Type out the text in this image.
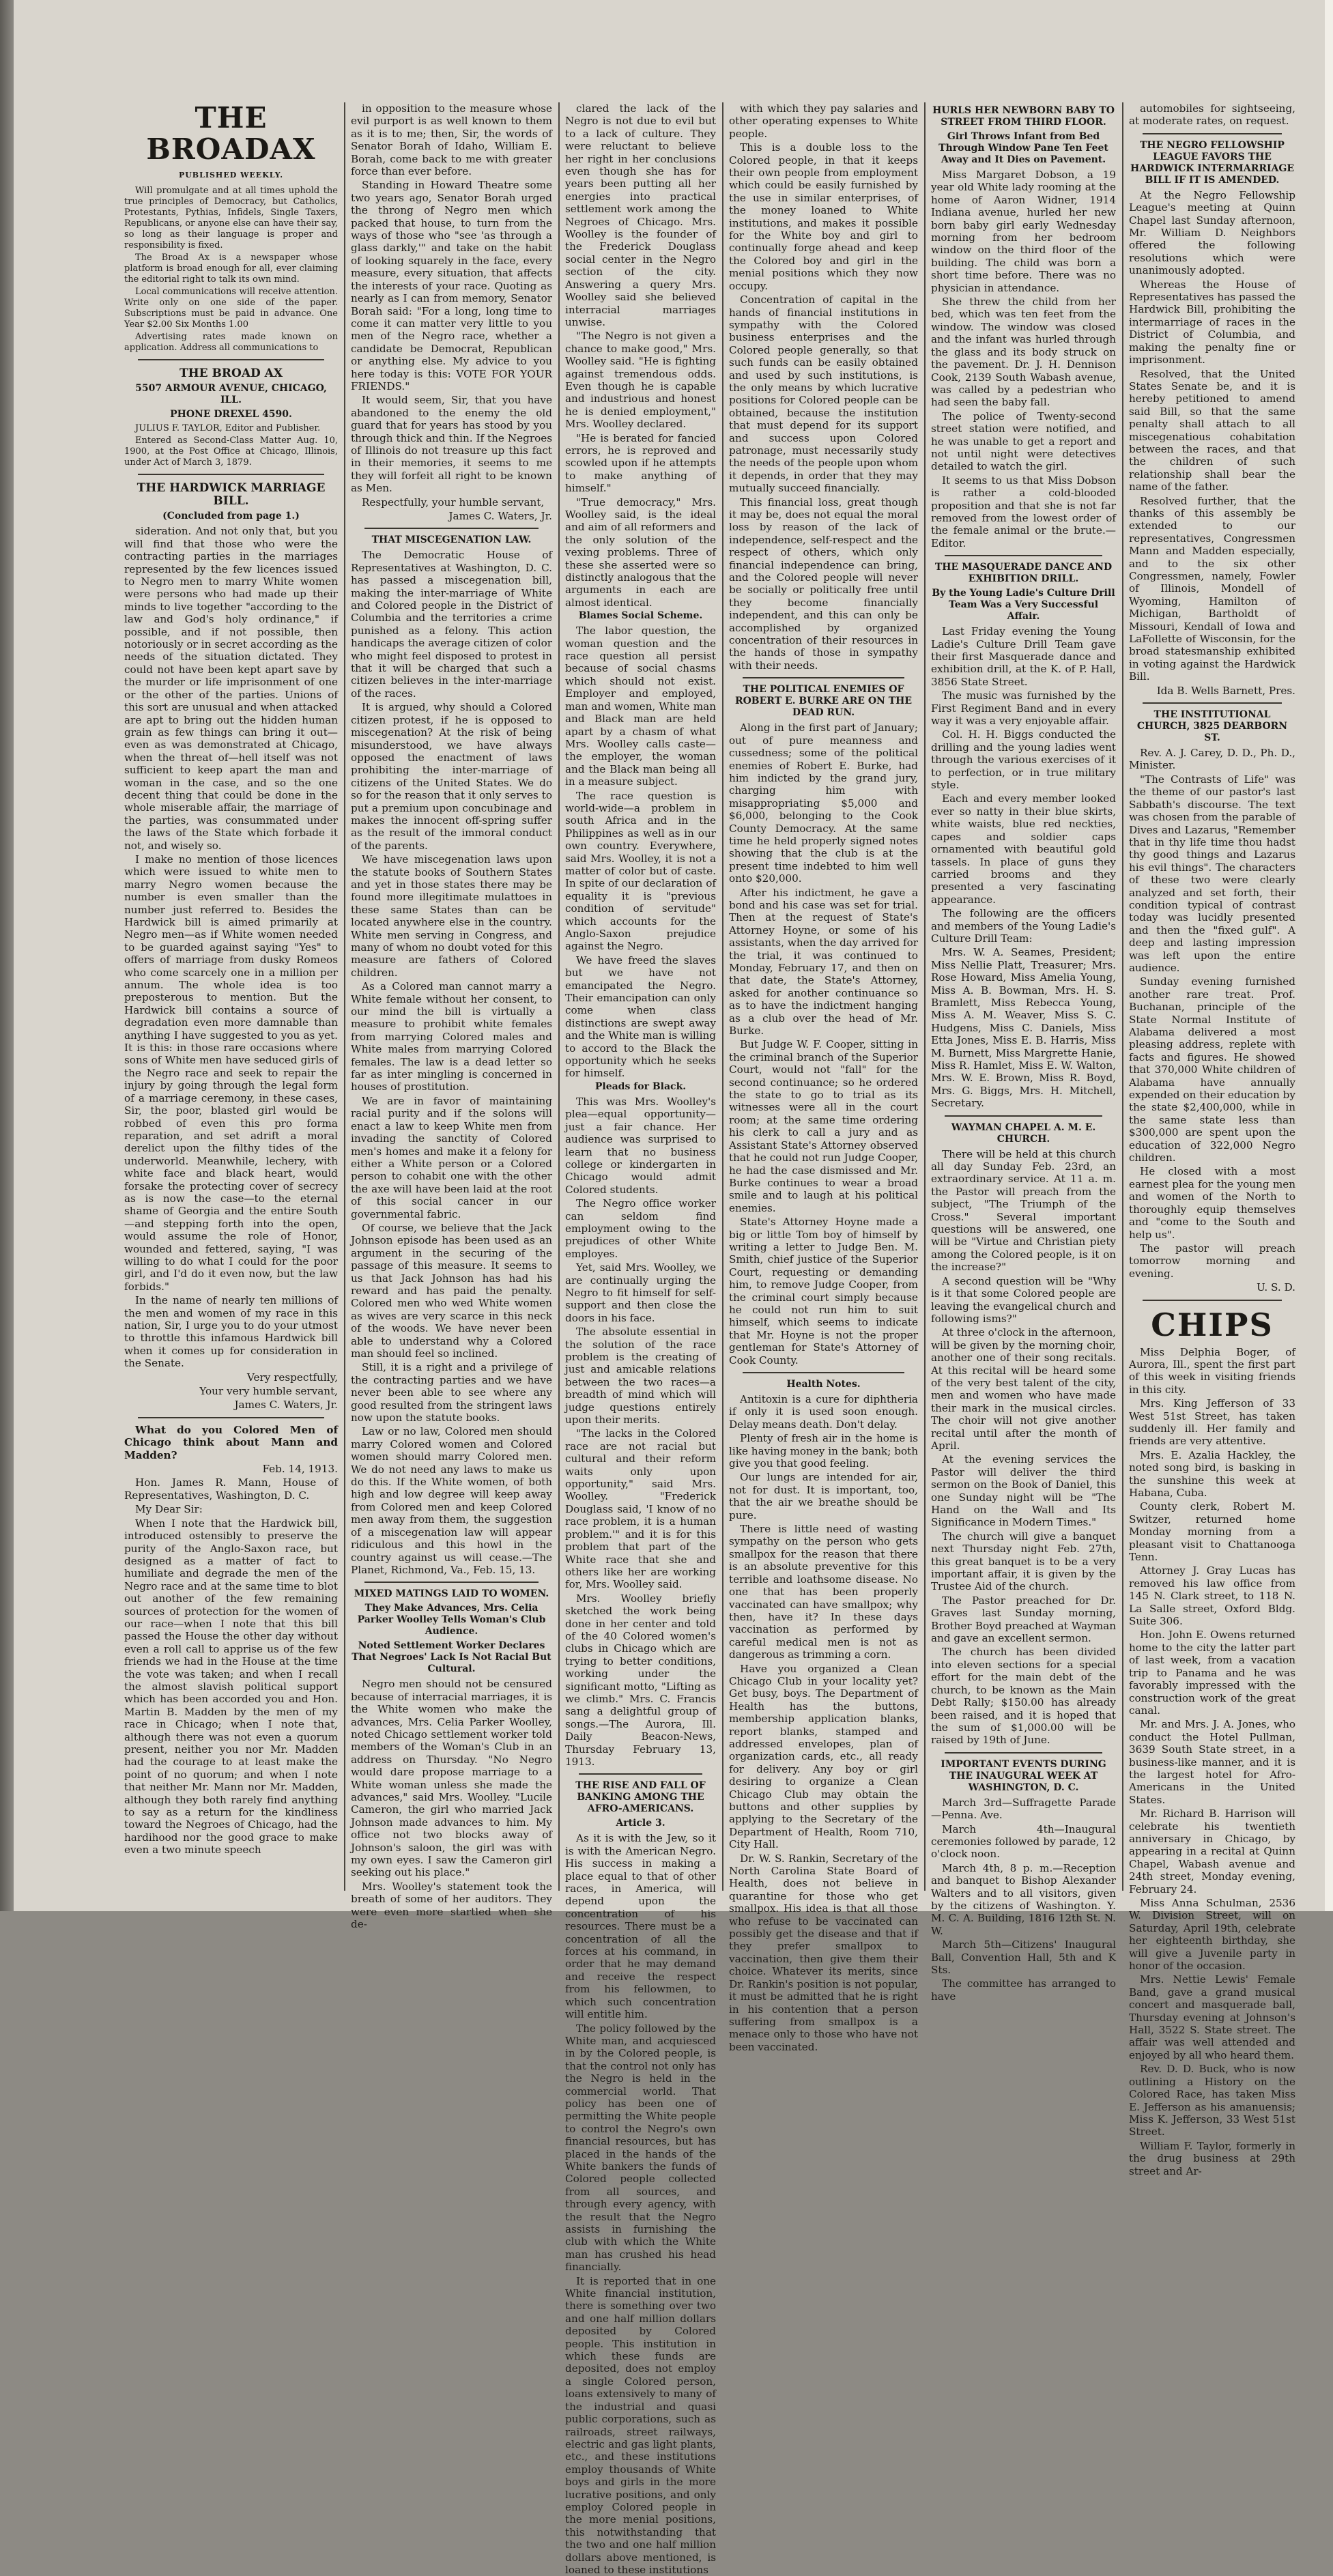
THE BROADAX
PUBLISHED WEEKLY.

Will promulgate and at all times uphold the true principles of Democracy, but Catholics, Protestants, Pythias, Infidels, Single Taxers, Republicans, or anyone else can have their say, so long as their language is proper and responsibility is fixed.

The Broad Ax is a newspaper whose platform is broad enough for all, ever claiming the editorial right to talk its own mind.

Local communications will receive attention. Write only on one side of the paper. Subscriptions must be paid in advance. One Year $2.00 Six Months 1.00

Advertising rates made known on application. Address all communications to

THE BROAD AX
5507 ARMOUR AVENUE, CHICAGO, ILL.
PHONE DREXEL 4590.

JULIUS F. TAYLOR, Editor and Publisher.

Entered as Second-Class Matter Aug. 10, 1900, at the Post Office at Chicago, Illinois, under Act of March 3, 1879.

THE HARDWICK MARRIAGE BILL.
(Concluded from page 1.)

sideration. And not only that, but you will find that those who were the contracting parties in the marriages represented by the few licences issued to Negro men to marry White women were persons who had made up their minds to live together "according to the law and God's holy ordinance," if possible, and if not possible, then notoriously or in secret according as the needs of the situation dictated. They could not have been kept apart save by the murder or life imprisonment of one or the other of the parties. Unions of this sort are unusual and when attacked are apt to bring out the hidden human grain as few things can bring it out—even as was demonstrated at Chicago, when the threat of—hell itself was not sufficient to keep apart the man and woman in the case, and so the one decent thing that could be done in the whole miserable affair, the marriage of the parties, was consummated under the laws of the State which forbade it not, and wisely so.

I make no mention of those licences which were issued to white men to marry Negro women because the number is even smaller than the number just referred to. Besides the Hardwick bill is aimed primarily at Negro men—as if White women needed to be guarded against saying "Yes" to offers of marriage from dusky Romeos who come scarcely one in a million per annum. The whole idea is too preposterous to mention. But the Hardwick bill contains a source of degradation even more damnable than anything I have suggested to you as yet. It is this: in those rare occasions where sons of White men have seduced girls of the Negro race and seek to repair the injury by going through the legal form of a marriage ceremony, in these cases, Sir, the poor, blasted girl would be robbed of even this pro forma reparation, and set adrift a moral derelict upon the filthy tides of the underworld. Meanwhile, lechery, with white face and black heart, would forsake the protecting cover of secrecy as is now the case—to the eternal shame of Georgia and the entire South—and stepping forth into the open, would assume the role of Honor, wounded and fettered, saying, "I was willing to do what I could for the poor girl, and I'd do it even now, but the law forbids."

In the name of nearly ten millions of the men and women of my race in this nation, Sir, I urge you to do your utmost to throttle this infamous Hardwick bill when it comes up for consideration in the Senate.

Very respectfully,

Your very humble servant,

James C. Waters, Jr.

What do you Colored Men of Chicago think about Mann and Madden?

Feb. 14, 1913.

Hon. James R. Mann, House of Representatives, Washington, D. C.

My Dear Sir:

When I note that the Hardwick bill, introduced ostensibly to preserve the purity of the Anglo-Saxon race, but designed as a matter of fact to humiliate and degrade the men of the Negro race and at the same time to blot out another of the few remaining sources of protection for the women of our race—when I note that this bill passed the House the other day without even a roll call to apprise us of the few friends we had in the House at the time the vote was taken; and when I recall the almost slavish political support which has been accorded you and Hon. Martin B. Madden by the men of my race in Chicago; when I note that, although there was not even a quorum present, neither you nor Mr. Madden had the courage to at least make the point of no quorum; and when I note that neither Mr. Mann nor Mr. Madden, although they both rarely find anything to say as a return for the kindliness toward the Negroes of Chicago, had the hardihood nor the good grace to make even a two minute speech

in opposition to the measure whose evil purport is as well known to them as it is to me; then, Sir, the words of Senator Borah of Idaho, William E. Borah, come back to me with greater force than ever before.

Standing in Howard Theatre some two years ago, Senator Borah urged the throng of Negro men which packed that house, to turn from the ways of those who "see 'as through a glass darkly,'" and take on the habit of looking squarely in the face, every measure, every situation, that affects the interests of your race. Quoting as nearly as I can from memory, Senator Borah said: "For a long, long time to come it can matter very little to you men of the Negro race, whether a candidate be Democrat, Republican or anything else. My advice to you here today is this: VOTE FOR YOUR FRIENDS."

It would seem, Sir, that you have abandoned to the enemy the old guard that for years has stood by you through thick and thin. If the Negroes of Illinois do not treasure up this fact in their memories, it seems to me they will forfeit all right to be known as Men.

Respectfully, your humble servant,

James C. Waters, Jr.

THAT MISCEGENATION LAW.

The Democratic House of Representatives at Washington, D. C. has passed a miscegenation bill, making the inter-marriage of White and Colored people in the District of Columbia and the territories a crime punished as a felony. This action handicaps the average citizen of color who might feel disposed to protest in that it will be charged that such a citizen believes in the inter-marriage of the races.

It is argued, why should a Colored citizen protest, if he is opposed to miscegenation? At the risk of being misunderstood, we have always opposed the enactment of laws prohibiting the inter-marriage of citizens of the United States. We do so for the reason that it only serves to put a premium upon concubinage and makes the innocent off-spring suffer as the result of the immoral conduct of the parents.

We have miscegenation laws upon the statute books of Southern States and yet in those states there may be found more illegitimate mulattoes in these same States than can be located anywhere else in the country. White men serving in Congress, and many of whom no doubt voted for this measure are fathers of Colored children.

As a Colored man cannot marry a White female without her consent, to our mind the bill is virtually a measure to prohibit white females from marrying Colored males and White males from marrying Colored females. The law is a dead letter so far as inter mingling is concerned in houses of prostitution.

We are in favor of maintaining racial purity and if the solons will enact a law to keep White men from invading the sanctity of Colored men's homes and make it a felony for either a White person or a Colored person to cohabit one with the other the axe will have been laid at the root of this social cancer in our governmental fabric.

Of course, we believe that the Jack Johnson episode has been used as an argument in the securing of the passage of this measure. It seems to us that Jack Johnson has had his reward and has paid the penalty. Colored men who wed White women as wives are very scarce in this neck of the woods. We have never been able to understand why a Colored man should feel so inclined.

Still, it is a right and a privilege of the contracting parties and we have never been able to see where any good resulted from the stringent laws now upon the statute books.

Law or no law, Colored men should marry Colored women and Colored women should marry Colored men. We do not need any laws to make us do this. If the White women, of both high and low degree will keep away from Colored men and keep Colored men away from them, the suggestion of a miscegenation law will appear ridiculous and this howl in the country against us will cease.—The Planet, Richmond, Va., Feb. 15, 13.

MIXED MATINGS LAID TO WOMEN.
They Make Advances, Mrs. Celia Parker Woolley Tells Woman's Club Audience.
Noted Settlement Worker Declares That Negroes' Lack Is Not Racial But Cultural.

Negro men should not be censured because of interracial marriages, it is the White women who make the advances, Mrs. Celia Parker Woolley, noted Chicago settlement worker told members of the Woman's Club in an address on Thursday. "No Negro would dare propose marriage to a White woman unless she made the advances," said Mrs. Woolley. "Lucile Cameron, the girl who married Jack Johnson made advances to him. My office not two blocks away of Johnson's saloon, the girl was with my own eyes. I saw the Cameron girl seeking out his place."

Mrs. Woolley's statement took the breath of some of her auditors. They were even more startled when she de-

clared the lack of the Negro is not due to evil but to a lack of culture. They were reluctant to believe her right in her conclusions even though she has for years been putting all her energies into practical settlement work among the Negroes of Chicago. Mrs. Woolley is the founder of the Frederick Douglass social center in the Negro section of the city. Answering a query Mrs. Woolley said she believed interracial marriages unwise.

"The Negro is not given a chance to make good," Mrs. Woolley said. "He is fighting against tremendous odds. Even though he is capable and industrious and honest he is denied employment," Mrs. Woolley declared.

"He is berated for fancied errors, he is reproved and scowled upon if he attempts to make anything of himself."

"True democracy," Mrs. Woolley said, is the ideal and aim of all reformers and the only solution of the vexing problems. Three of these she asserted were so distinctly analogous that the arguments in each are almost identical.

Blames Social Scheme.

The labor question, the woman question and the race question all persist because of social chasms which should not exist. Employer and employed, man and women, White man and Black man are held apart by a chasm of what Mrs. Woolley calls caste—the employer, the woman and the Black man being all in a measure subject.

The race question is world-wide—a problem in south Africa and in the Philippines as well as in our own country. Everywhere, said Mrs. Woolley, it is not a matter of color but of caste. In spite of our declaration of equality it is "previous condition of servitude" which accounts for the Anglo-Saxon prejudice against the Negro.

We have freed the slaves but we have not emancipated the Negro. Their emancipation can only come when class distinctions are swept away and the White man is willing to accord to the Black the opportunity which he seeks for himself.

Pleads for Black.

This was Mrs. Woolley's plea—equal opportunity—just a fair chance. Her audience was surprised to learn that no business college or kindergarten in Chicago would admit Colored students.

The Negro office worker can seldom find employment owing to the prejudices of other White employes.

Yet, said Mrs. Woolley, we are continually urging the Negro to fit himself for self-support and then close the doors in his face.

The absolute essential in the solution of the race problem is the creating of just and amicable relations between the two races—a breadth of mind which will judge questions entirely upon their merits.

"The lacks in the Colored race are not racial but cultural and their reform waits only upon opportunity," said Mrs. Woolley. "Frederick Douglass said, 'I know of no race problem, it is a human problem.'" and it is for this problem that part of the White race that she and others like her are working for, Mrs. Woolley said.

Mrs. Woolley briefly sketched the work being done in her center and told of the 40 Colored women's clubs in Chicago which are trying to better conditions, working under the significant motto, "Lifting as we climb." Mrs. C. Francis sang a delightful group of songs.—The Aurora, Ill. Daily Beacon-News, Thursday February 13, 1913.

THE RISE AND FALL OF BANKING AMONG THE AFRO-AMERICANS.
Article 3.

As it is with the Jew, so it is with the American Negro. His success in making a place equal to that of other races, in America, will depend upon the concentration of his resources. There must be a concentration of all the forces at his command, in order that he may demand and receive the respect from his fellowmen, to which such concentration will entitle him.

The policy followed by the White man, and acquiesced in by the Colored people, is that the control not only has the Negro is held in the commercial world. That policy has been one of permitting the White people to control the Negro's own financial resources, but has placed in the hands of the White bankers the funds of Colored people collected from all sources, and through every agency, with the result that the Negro assists in furnishing the club with which the White man has crushed his head financially.

It is reported that in one White financial institution, there is something over two and one half million dollars deposited by Colored people. This institution in which these funds are deposited, does not employ a single Colored person, loans extensively to many of the industrial and quasi public corporations, such as railroads, street railways, electric and gas light plants, etc., and these institutions employ thousands of White boys and girls in the more lucrative positions, and only employ Colored people in the more menial positions, this notwithstanding that the two and one half million dollars above mentioned, is loaned to these institutions

with which they pay salaries and other operating expenses to White people.

This is a double loss to the Colored people, in that it keeps their own people from employment which could be easily furnished by the use in similar enterprises, of the money loaned to White institutions, and makes it possible for the White boy and girl to continually forge ahead and keep the Colored boy and girl in the menial positions which they now occupy.

Concentration of capital in the hands of financial institutions in sympathy with the Colored business enterprises and the Colored people generally, so that such funds can be easily obtained and used by such institutions, is the only means by which lucrative positions for Colored people can be obtained, because the institution that must depend for its support and success upon Colored patronage, must necessarily study the needs of the people upon whom it depends, in order that they may mutually succeed financially.

This financial loss, great though it may be, does not equal the moral loss by reason of the lack of independence, self-respect and the respect of others, which only financial independence can bring, and the Colored people will never be socially or politically free until they become financially independent, and this can only be accomplished by organized concentration of their resources in the hands of those in sympathy with their needs.

THE POLITICAL ENEMIES OF ROBERT E. BURKE ARE ON THE DEAD RUN.

Along in the first part of January; out of pure meanness and cussedness; some of the political enemies of Robert E. Burke, had him indicted by the grand jury, charging him with misappropriating $5,000 and $6,000, belonging to the Cook County Democracy. At the same time he held properly signed notes showing that the club is at the present time indebted to him well onto $20,000.

After his indictment, he gave a bond and his case was set for trial. Then at the request of State's Attorney Hoyne, or some of his assistants, when the day arrived for the trial, it was continued to Monday, February 17, and then on that date, the State's Attorney, asked for another continuance so as to have the indictment hanging as a club over the head of Mr. Burke.

But Judge W. F. Cooper, sitting in the criminal branch of the Superior Court, would not "fall" for the second continuance; so he ordered the state to go to trial as its witnesses were all in the court room; at the same time ordering his clerk to call a jury and as Assistant State's Attorney observed that he could not run Judge Cooper, he had the case dismissed and Mr. Burke continues to wear a broad smile and to laugh at his political enemies.

State's Attorney Hoyne made a big or little Tom boy of himself by writing a letter to Judge Ben. M. Smith, chief justice of the Superior Court, requesting or demanding him, to remove Judge Cooper, from the criminal court simply because he could not run him to suit himself, which seems to indicate that Mr. Hoyne is not the proper gentleman for State's Attorney of Cook County.

Health Notes.

Antitoxin is a cure for diphtheria if only it is used soon enough. Delay means death. Don't delay.

Plenty of fresh air in the home is like having money in the bank; both give you that good feeling.

Our lungs are intended for air, not for dust. It is important, too, that the air we breathe should be pure.

There is little need of wasting sympathy on the person who gets smallpox for the reason that there is an absolute preventive for this terrible and loathsome disease. No one that has been properly vaccinated can have smallpox; why then, have it? In these days vaccination as performed by careful medical men is not as dangerous as trimming a corn.

Have you organized a Clean Chicago Club in your locality yet? Get busy, boys. The Department of Health has the buttons, membership application blanks, report blanks, stamped and addressed envelopes, plan of organization cards, etc., all ready for delivery. Any boy or girl desiring to organize a Clean Chicago Club may obtain the buttons and other supplies by applying to the Secretary of the Department of Health, Room 710, City Hall.

Dr. W. S. Rankin, Secretary of the North Carolina State Board of Health, does not believe in quarantine for those who get smallpox. His idea is that all those who refuse to be vaccinated can possibly get the disease and that if they prefer smallpox to vaccination, then give them their choice. Whatever its merits, since Dr. Rankin's position is not popular, it must be admitted that he is right in his contention that a person suffering from smallpox is a menace only to those who have not been vaccinated.

HURLS HER NEWBORN BABY TO STREET FROM THIRD FLOOR.
Girl Throws Infant from Bed Through Window Pane Ten Feet Away and It Dies on Pavement.

Miss Margaret Dobson, a 19 year old White lady rooming at the home of Aaron Widner, 1914 Indiana avenue, hurled her new born baby girl early Wednesday morning from her bedroom window on the third floor of the building. The child was born a short time before. There was no physician in attendance.

She threw the child from her bed, which was ten feet from the window. The window was closed and the infant was hurled through the glass and its body struck on the pavement. Dr. J. H. Dennison Cook, 2139 South Wabash avenue, was called by a pedestrian who had seen the baby fall.

The police of Twenty-second street station were notified, and he was unable to get a report and not until night were detectives detailed to watch the girl.

It seems to us that Miss Dobson is rather a cold-blooded proposition and that she is not far removed from the lowest order of the female animal or the brute.—Editor.

THE MASQUERADE DANCE AND EXHIBITION DRILL.
By the Young Ladie's Culture Drill Team Was a Very Successful Affair.

Last Friday evening the Young Ladie's Culture Drill Team gave their first Masquerade dance and exhibition drill, at the K. of P. Hall, 3856 State Street.

The music was furnished by the First Regiment Band and in every way it was a very enjoyable affair.

Col. H. H. Biggs conducted the drilling and the young ladies went through the various exercises of it to perfection, or in true military style.

Each and every member looked ever so natty in their blue skirts, white waists, blue red neckties, capes and soldier caps ornamented with beautiful gold tassels. In place of guns they carried brooms and they presented a very fascinating appearance.

The following are the officers and members of the Young Ladie's Culture Drill Team:

Mrs. W. A. Seames, President; Miss Nellie Platt, Treasurer; Mrs. Rose Howard, Miss Amelia Young, Miss A. B. Bowman, Mrs. H. S. Bramlett, Miss Rebecca Young, Miss A. M. Weaver, Miss S. C. Hudgens, Miss C. Daniels, Miss Etta Jones, Miss E. B. Harris, Miss M. Burnett, Miss Margrette Hanie, Miss R. Hamlet, Miss E. W. Walton, Mrs. W. E. Brown, Miss R. Boyd, Mrs. G. Biggs, Mrs. H. Mitchell, Secretary.

WAYMAN CHAPEL A. M. E. CHURCH.

There will be held at this church all day Sunday Feb. 23rd, an extraordinary service. At 11 a. m. the Pastor will preach from the subject, "The Triumph of the Cross." Several important questions will be answered, one will be "Virtue and Christian piety among the Colored people, is it on the increase?"

A second question will be "Why is it that some Colored people are leaving the evangelical church and following isms?"

At three o'clock in the afternoon, will be given by the morning choir, another one of their song recitals. At this recital will be heard some of the very best talent of the city, men and women who have made their mark in the musical circles. The choir will not give another recital until after the month of April.

At the evening services the Pastor will deliver the third sermon on the Book of Daniel, this one Sunday night will be "The Hand on the Wall and Its Significance in Modern Times."

The church will give a banquet next Thursday night Feb. 27th, this great banquet is to be a very important affair, it is given by the Trustee Aid of the church.

The Pastor preached for Dr. Graves last Sunday morning, Brother Boyd preached at Wayman and gave an excellent sermon.

The church has been divided into eleven sections for a special effort for the main debt of the church, to be known as the Main Debt Rally; $150.00 has already been raised, and it is hoped that the sum of $1,000.00 will be raised by 19th of June.

IMPORTANT EVENTS DURING THE INAUGURAL WEEK AT WASHINGTON, D. C.

March 3rd—Suffragette Parade—Penna. Ave.

March 4th—Inaugural ceremonies followed by parade, 12 o'clock noon.

March 4th, 8 p. m.—Reception and banquet to Bishop Alexander Walters and to all visitors, given by the citizens of Washington. Y. M. C. A. Building, 1816 12th St. N. W.

March 5th—Citizens' Inaugural Ball, Convention Hall, 5th and K Sts.

The committee has arranged to have

automobiles for sightseeing, at moderate rates, on request.

THE NEGRO FELLOWSHIP LEAGUE FAVORS THE HARDWICK INTERMARRIAGE BILL IF IT IS AMENDED.

At the Negro Fellowship League's meeting at Quinn Chapel last Sunday afternoon, Mr. William D. Neighbors offered the following resolutions which were unanimously adopted.

Whereas the House of Representatives has passed the Hardwick Bill, prohibiting the intermarriage of races in the District of Columbia, and making the penalty fine or imprisonment.

Resolved, that the United States Senate be, and it is hereby petitioned to amend said Bill, so that the same penalty shall attach to all miscegenatious cohabitation between the races, and that the children of such relationship shall bear the name of the father.

Resolved further, that the thanks of this assembly be extended to our representatives, Congressmen Mann and Madden especially, and to the six other Congressmen, namely, Fowler of Illinois, Mondell of Wyoming, Hamilton of Michigan, Bartholdt of Missouri, Kendall of Iowa and LaFollette of Wisconsin, for the broad statesmanship exhibited in voting against the Hardwick Bill.

Ida B. Wells Barnett, Pres.

THE INSTITUTIONAL CHURCH, 3825 DEARBORN ST.

Rev. A. J. Carey, D. D., Ph. D., Minister.

"The Contrasts of Life" was the theme of our pastor's last Sabbath's discourse. The text was chosen from the parable of Dives and Lazarus, "Remember that in thy life time thou hadst thy good things and Lazarus his evil things". The characters of these two were clearly analyzed and set forth, their condition typical of contrast today was lucidly presented and then the "fixed gulf". A deep and lasting impression was left upon the entire audience.

Sunday evening furnished another rare treat. Prof. Buchanan, principle of the State Normal Institute of Alabama delivered a most pleasing address, replete with facts and figures. He showed that 370,000 White children of Alabama have annually expended on their education by the state $2,400,000, while in the same state less than $300,000 are spent upon the education of 322,000 Negro children.

He closed with a most earnest plea for the young men and women of the North to thoroughly equip themselves and "come to the South and help us".

The pastor will preach tomorrow morning and evening.

U. S. D.

CHIPS

Miss Delphia Boger, of Aurora, Ill., spent the first part of this week in visiting friends in this city.

Mrs. King Jefferson of 33 West 51st Street, has taken suddenly ill. Her family and friends are very attentive.

Mrs. E. Azalia Hackley, the noted song bird, is basking in the sunshine this week at Habana, Cuba.

County clerk, Robert M. Switzer, returned home Monday morning from a pleasant visit to Chattanooga Tenn.

Attorney J. Gray Lucas has removed his law office from 145 N. Clark street, to 118 N. La Salle street, Oxford Bldg. Suite 306.

Hon. John E. Owens returned home to the city the latter part of last week, from a vacation trip to Panama and he was favorably impressed with the construction work of the great canal.

Mr. and Mrs. J. A. Jones, who conduct the Hotel Pullman, 3639 South State street, in a business-like manner, and it is the largest hotel for Afro-Americans in the United States.

Mr. Richard B. Harrison will celebrate his twentieth anniversary in Chicago, by appearing in a recital at Quinn Chapel, Wabash avenue and 24th street, Monday evening, February 24.

Miss Anna Schulman, 2536 W. Division Street, will on Saturday, April 19th, celebrate her eighteenth birthday, she will give a Juvenile party in honor of the occasion.

Mrs. Nettie Lewis' Female Band, gave a grand musical concert and masquerade ball, Thursday evening at Johnson's Hall, 3522 S. State street. The affair was well attended and enjoyed by all who heard them.

Rev. D. D. Buck, who is now outlining a History on the Colored Race, has taken Miss E. Jefferson as his amanuensis; Miss K. Jefferson, 33 West 51st Street.

William F. Taylor, formerly in the drug business at 29th street and Ar-
